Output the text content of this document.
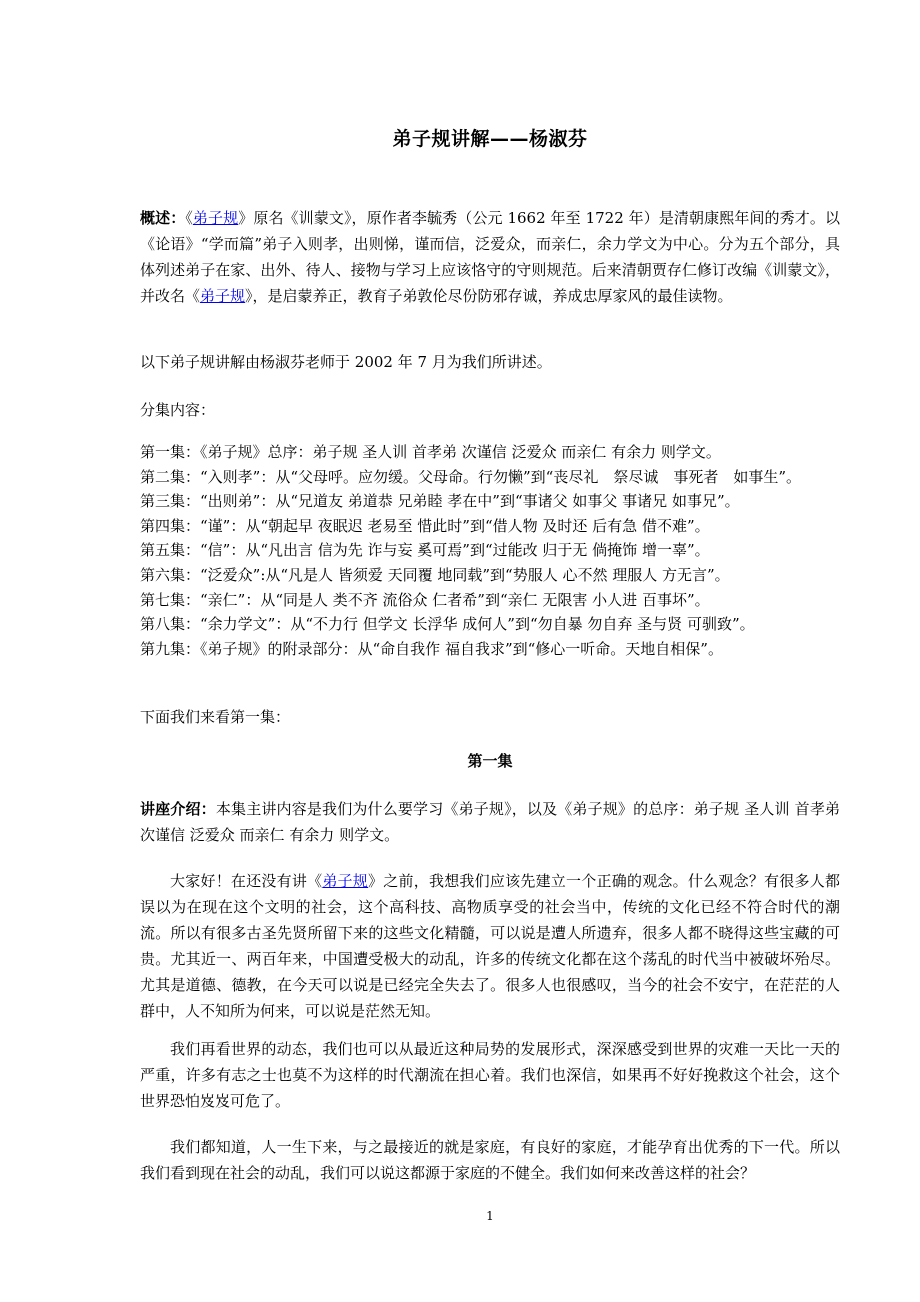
弟子规讲解——杨淑芬

概述：《弟子规》原名《训蒙文》，原作者李毓秀（公元 1662 年至 1722 年）是清朝康熙年间的秀才。以《论语》“学而篇”弟子入则孝，出则悌，谨而信，泛爱众，而亲仁，余力学文为中心。分为五个部分，具体列述弟子在家、出外、待人、接物与学习上应该恪守的守则规范。后来清朝贾存仁修订改编《训蒙文》，并改名《弟子规》，是启蒙养正，教育子弟敦伦尽份防邪存诚，养成忠厚家风的最佳读物。

以下弟子规讲解由杨淑芬老师于 2002 年 7 月为我们所讲述。

分集内容：

第一集：《弟子规》总序：弟子规 圣人训 首孝弟 次谨信 泛爱众 而亲仁 有余力 则学文。

第二集：“入则孝”：从“父母呼。应勿缓。父母命。行勿懒”到“丧尽礼　祭尽诚　事死者　如事生”。

第三集：“出则弟”：从“兄道友 弟道恭 兄弟睦 孝在中”到“事诸父 如事父 事诸兄 如事兄”。

第四集：“谨”：从“朝起早 夜眠迟 老易至 惜此时”到“借人物 及时还 后有急 借不难”。

第五集：“信”：从“凡出言 信为先 诈与妄 奚可焉”到“过能改 归于无 倘掩饰 增一辜”。

第六集：“泛爱众”:从“凡是人 皆须爱 天同覆 地同载”到“势服人 心不然 理服人 方无言”。

第七集：“亲仁”：从“同是人 类不齐 流俗众 仁者希”到“亲仁 无限害 小人进 百事坏”。

第八集：“余力学文”：从“不力行 但学文 长浮华 成何人”到“勿自暴 勿自弃 圣与贤 可驯致”。

第九集：《弟子规》的附录部分：从“命自我作 福自我求”到“修心一听命。天地自相保”。

下面我们来看第一集：

第一集

讲座介绍：本集主讲内容是我们为什么要学习《弟子规》，以及《弟子规》的总序：弟子规 圣人训 首孝弟 次谨信 泛爱众 而亲仁 有余力 则学文。

大家好！在还没有讲《弟子规》之前，我想我们应该先建立一个正确的观念。什么观念？有很多人都误以为在现在这个文明的社会，这个高科技、高物质享受的社会当中，传统的文化已经不符合时代的潮流。所以有很多古圣先贤所留下来的这些文化精髓，可以说是遭人所遗弃，很多人都不晓得这些宝藏的可贵。尤其近一、两百年来，中国遭受极大的动乱，许多的传统文化都在这个荡乱的时代当中被破坏殆尽。尤其是道德、德教，在今天可以说是已经完全失去了。很多人也很感叹，当今的社会不安宁，在茫茫的人群中，人不知所为何来，可以说是茫然无知。

我们再看世界的动态，我们也可以从最近这种局势的发展形式，深深感受到世界的灾难一天比一天的严重，许多有志之士也莫不为这样的时代潮流在担心着。我们也深信，如果再不好好挽救这个社会，这个世界恐怕岌岌可危了。

我们都知道，人一生下来，与之最接近的就是家庭，有良好的家庭，才能孕育出优秀的下一代。所以我们看到现在社会的动乱，我们可以说这都源于家庭的不健全。我们如何来改善这样的社会？

1
